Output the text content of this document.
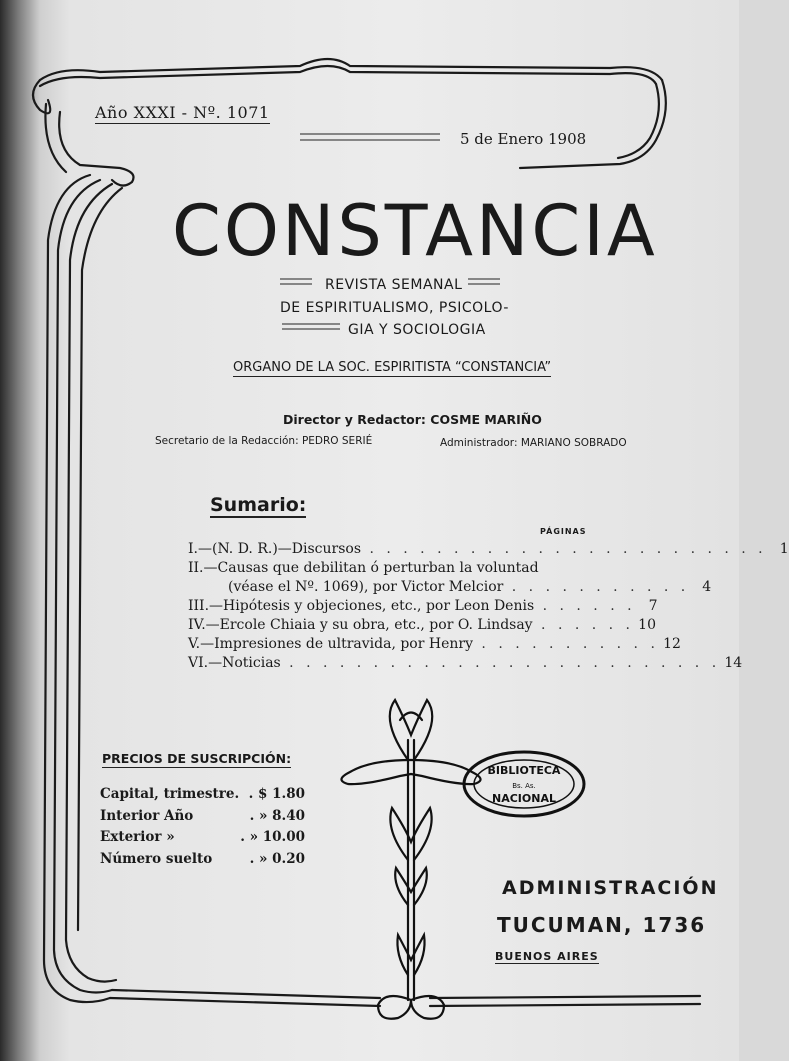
Año XXXI - Nº. 1071
5 de Enero 1908
CONSTANCIA
REVISTA SEMANAL
DE ESPIRITUALISMO, PSICOLO-
GIA Y SOCIOLOGIA
ORGANO DE LA SOC. ESPIRITISTA “CONSTANCIA”
Director y Redactor: COSME MARIÑO
Secretario de la Redacción: PEDRO SERIÉ	Administrador: MARIANO SOBRADO
Sumario:
PÁGINAS
I.—(N. D. R.)—Discursos . . . . . . . . . . . . . . . . . . . . . . . . 1
II.—Causas que debilitan ó perturban la voluntad
(véase el Nº. 1069), por Victor Melcior . . . . . . . . . . . 4
III.—Hipótesis y objeciones, etc., por Leon Denis . . . . . . 7
IV.—Ercole Chiaia y su obra, etc., por O. Lindsay . . . . . . 10
V.—Impresiones de ultravida, por Henry . . . . . . . . . . . 12
VI.—Noticias . . . . . . . . . . . . . . . . . . . . . . . . . . 14
PRECIOS DE SUSCRIPCIÓN:
Capital, trimestre. . $ 1.80
Interior Año	. » 8.40
Exterior »	. » 10.00
Número suelto	. » 0.20
BIBLIOTECA
Bs. As.
NACIONAL
ADMINISTRACIÓN
TUCUMAN, 1736
BUENOS AIRES
